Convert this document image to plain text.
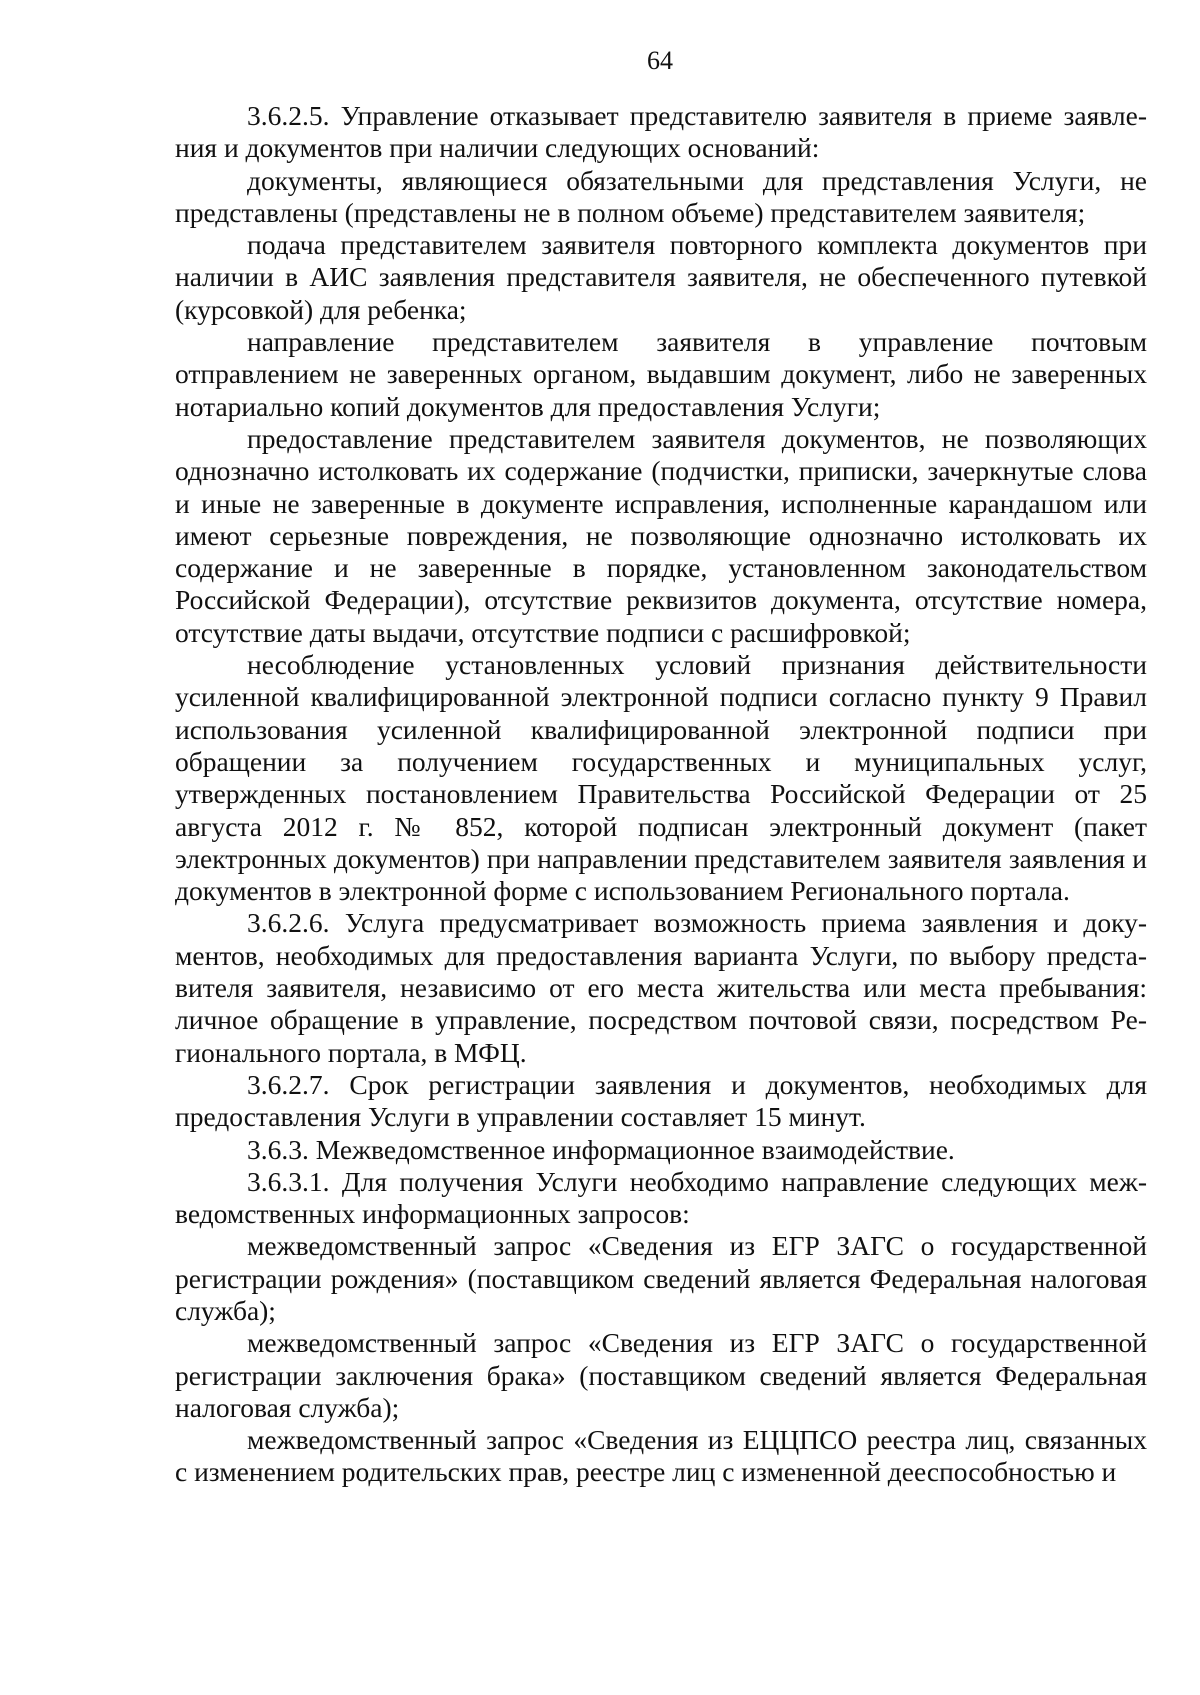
64

3.6.2.5. Управление отказывает представителю заявителя в приеме заявления и документов при наличии следующих оснований:

документы, являющиеся обязательными для представления Услуги, не представлены (представлены не в полном объеме) представителем заявителя;

подача представителем заявителя повторного комплекта документов при наличии в АИС заявления представителя заявителя, не обеспеченного путевкой (курсовкой) для ребенка;

направление представителем заявителя в управление почтовым отправлением не заверенных органом, выдавшим документ, либо не заверенных нотариально копий документов для предоставления Услуги;

предоставление представителем заявителя документов, не позволяющих однозначно истолковать их содержание (подчистки, приписки, зачеркнутые слова и иные не заверенные в документе исправления, исполненные карандашом или имеют серьезные повреждения, не позволяющие однозначно истолковать их содержание и не заверенные в порядке, установленном законодательством Российской Федерации), отсутствие реквизитов документа, отсутствие номера, отсутствие даты выдачи, отсутствие подписи с расшифровкой;

несоблюдение установленных условий признания действительности усиленной квалифицированной электронной подписи согласно пункту 9 Правил использования усиленной квалифицированной электронной подписи при обращении за получением государственных и муниципальных услуг, утвержденных постановлением Правительства Российской Федерации от 25 августа 2012 г. № 852, которой подписан электронный документ (пакет электронных документов) при направлении представителем заявителя заявления и документов в электронной форме с использованием Регионального портала.

3.6.2.6. Услуга предусматривает возможность приема заявления и документов, необходимых для предоставления варианта Услуги, по выбору представителя заявителя, независимо от его места жительства или места пребывания: личное обращение в управление, посредством почтовой связи, посредством Регионального портала, в МФЦ.

3.6.2.7. Срок регистрации заявления и документов, необходимых для предоставления Услуги в управлении составляет 15 минут.

3.6.3. Межведомственное информационное взаимодействие.

3.6.3.1. Для получения Услуги необходимо направление следующих межведомственных информационных запросов:

межведомственный запрос «Сведения из ЕГР ЗАГС о государственной регистрации рождения» (поставщиком сведений является Федеральная налоговая служба);

межведомственный запрос «Сведения из ЕГР ЗАГС о государственной регистрации заключения брака» (поставщиком сведений является Федеральная налоговая служба);

межведомственный запрос «Сведения из ЕЦЦПСО реестра лиц, связанных с изменением родительских прав, реестре лиц с измененной дееспособностью и
